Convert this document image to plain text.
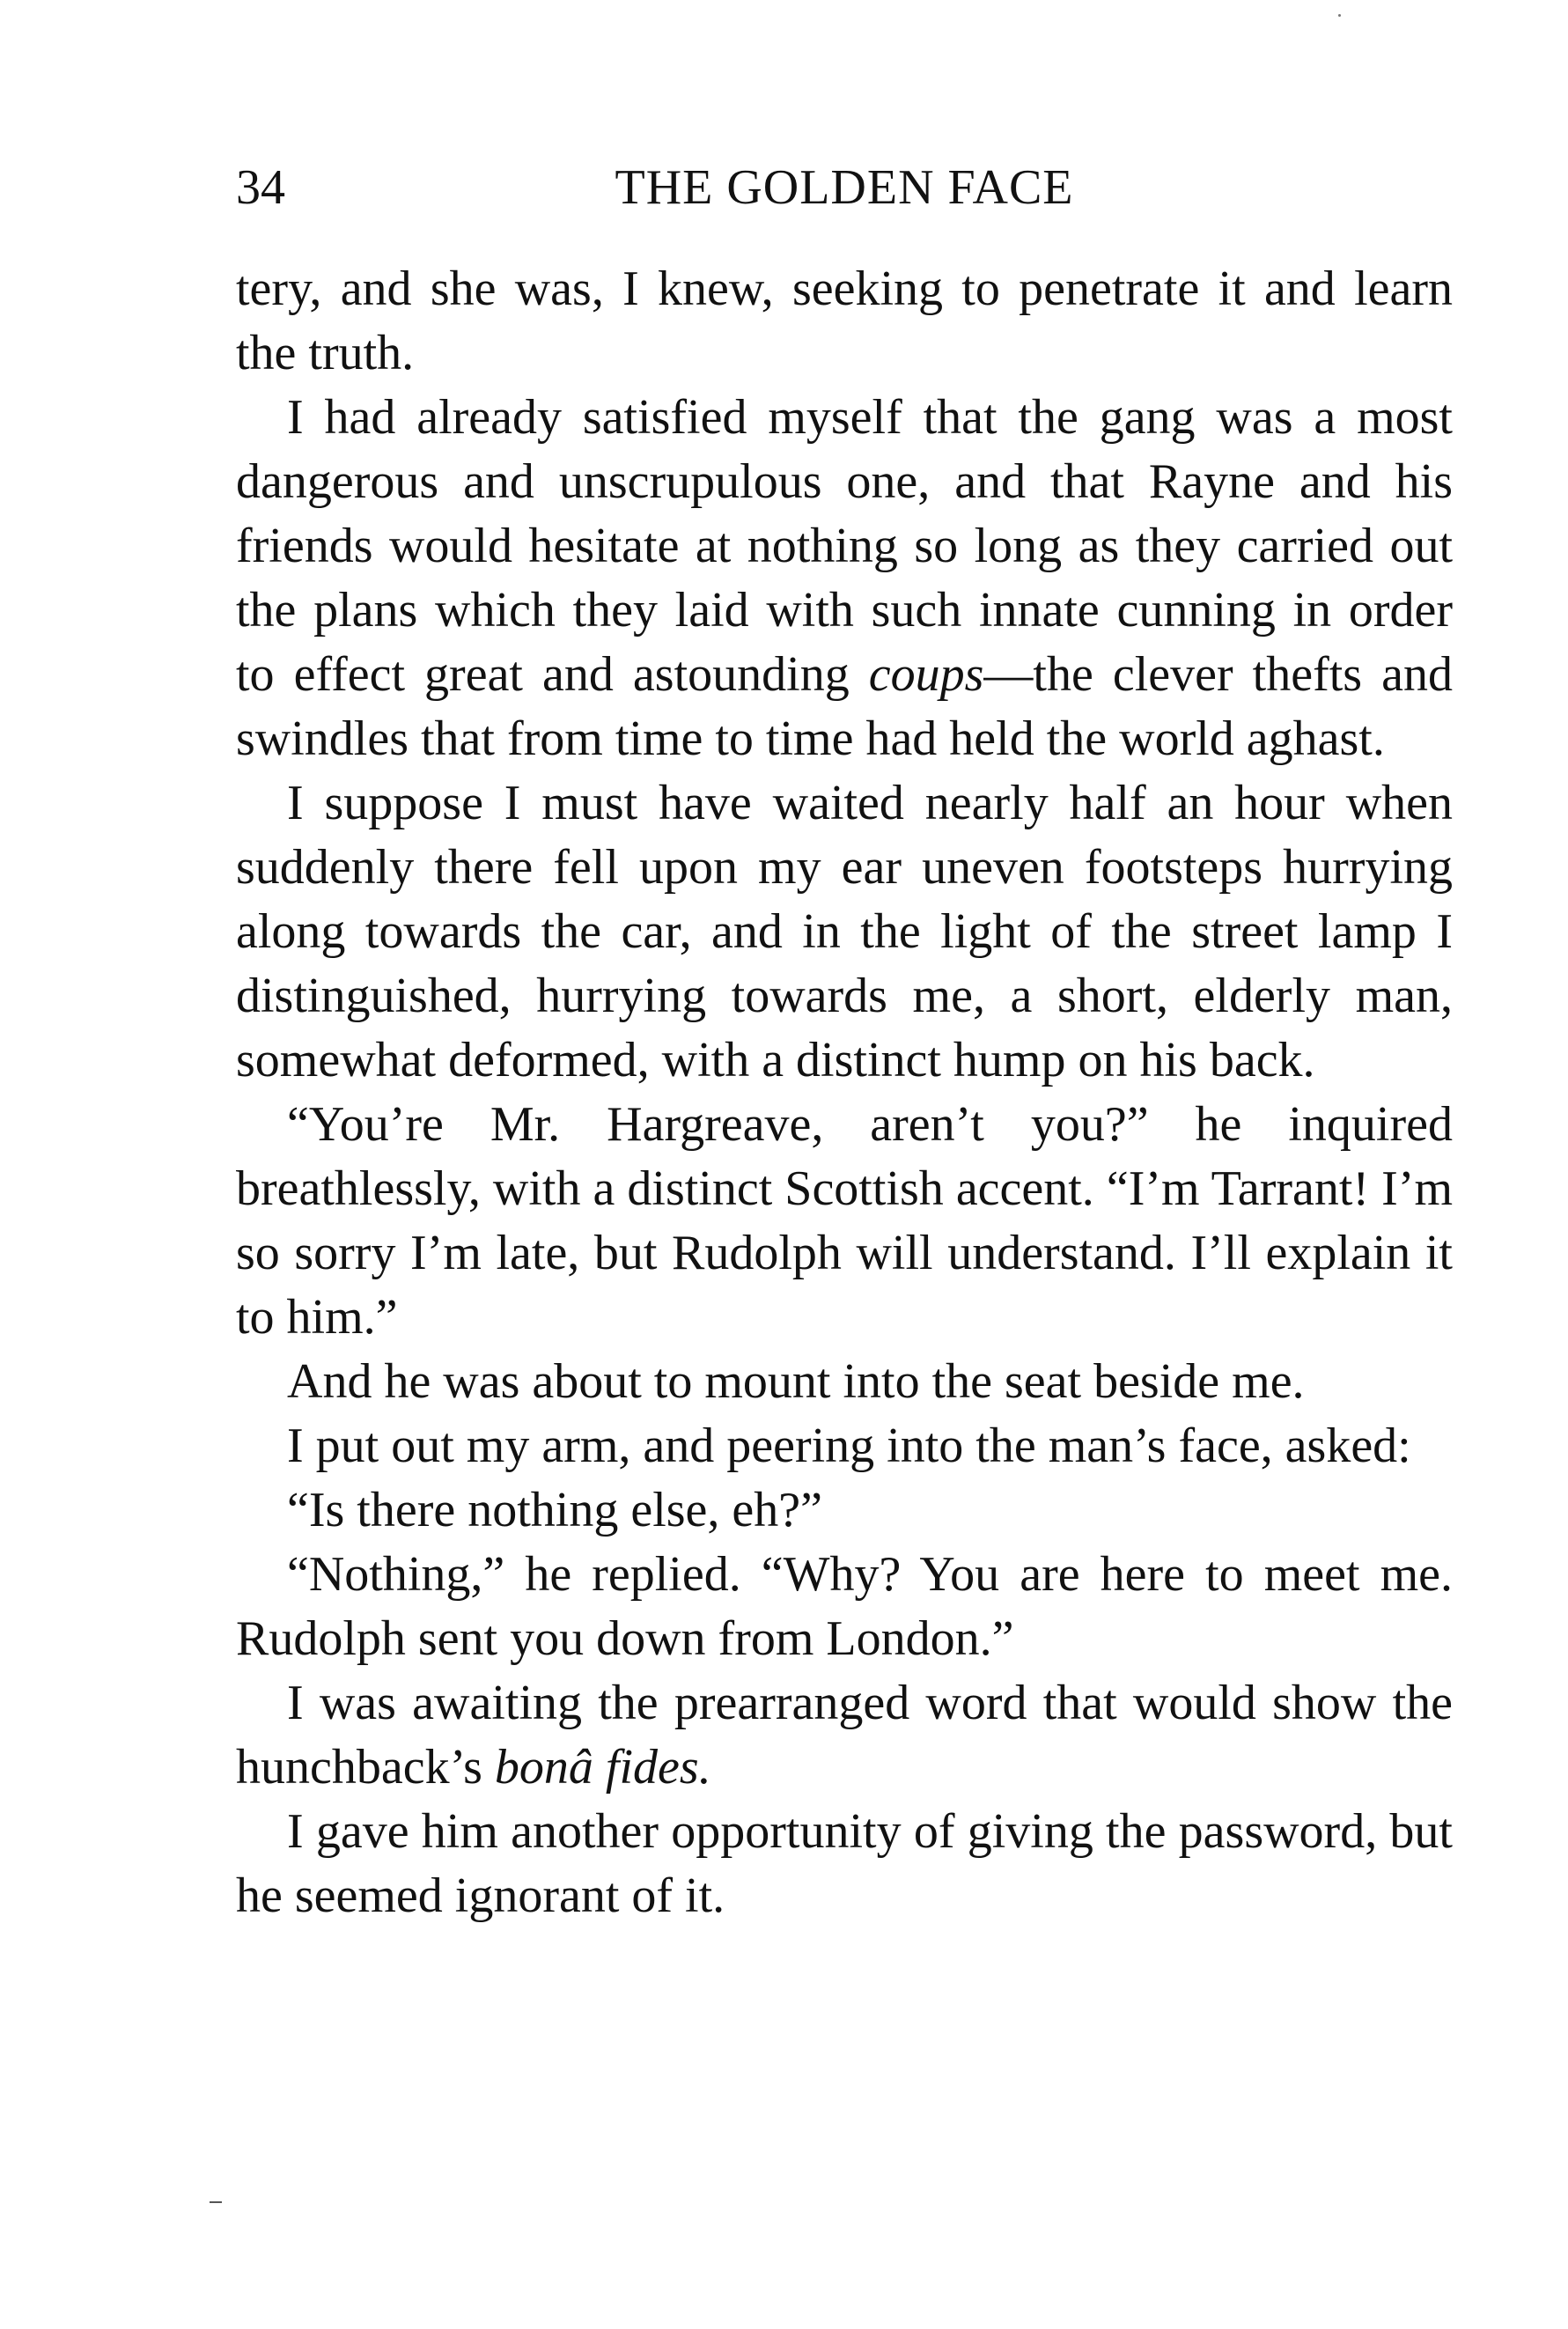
34	THE GOLDEN FACE

tery, and she was, I knew, seeking to penetrate it and learn the truth.

I had already satisfied myself that the gang was a most dangerous and unscrupulous one, and that Rayne and his friends would hesitate at nothing so long as they carried out the plans which they laid with such innate cunning in order to effect great and astounding coups—the clever thefts and swindles that from time to time had held the world aghast.

I suppose I must have waited nearly half an hour when suddenly there fell upon my ear uneven footsteps hurrying along towards the car, and in the light of the street lamp I distinguished, hurrying towards me, a short, elderly man, somewhat deformed, with a distinct hump on his back.

“You’re Mr. Hargreave, aren’t you?” he inquired breathlessly, with a distinct Scottish accent. “I’m Tarrant! I’m so sorry I’m late, but Rudolph will understand. I’ll explain it to him.”

And he was about to mount into the seat beside me.

I put out my arm, and peering into the man’s face, asked:

“Is there nothing else, eh?”

“Nothing,” he replied. “Why? You are here to meet me. Rudolph sent you down from London.”

I was awaiting the prearranged word that would show the hunchback’s bonâ fides.

I gave him another opportunity of giving the password, but he seemed ignorant of it.
